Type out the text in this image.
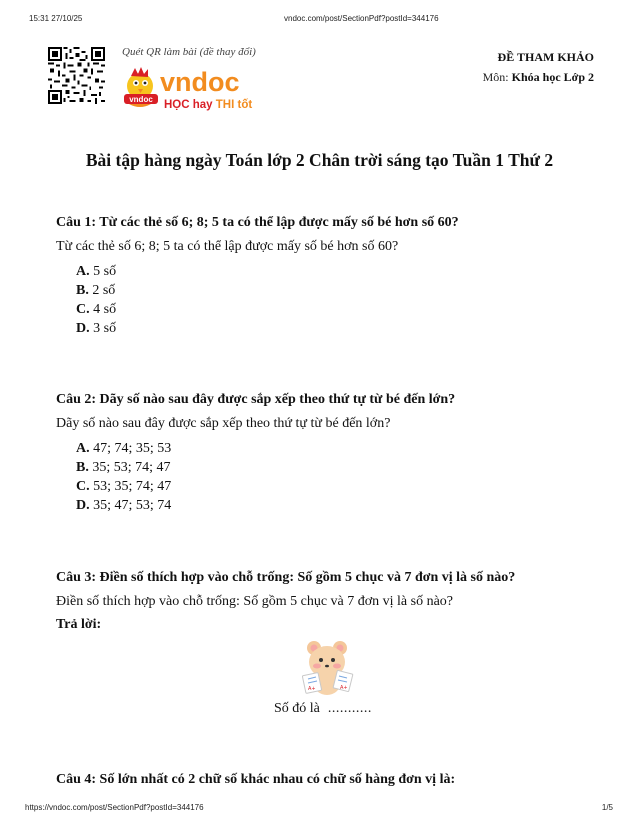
15:31 27/10/25	vndoc.com/post/SectionPdf?postId=344176
Quét QR làm bài (đề thay đổi)
vndoc
vndoc
HỌC hay THI tốt
ĐỀ THAM KHẢO
Môn: Khóa học Lớp 2
Bài tập hàng ngày Toán lớp 2 Chân trời sáng tạo Tuần 1 Thứ 2
Câu 1: Từ các thẻ số 6; 8; 5 ta có thể lập được mấy số bé hơn số 60?
Từ các thẻ số 6; 8; 5 ta có thể lập được mấy số bé hơn số 60?
A. 5 số
B. 2 số
C. 4 số
D. 3 số
Câu 2: Dãy số nào sau đây được sắp xếp theo thứ tự từ bé đến lớn?
Dãy số nào sau đây được sắp xếp theo thứ tự từ bé đến lớn?
A. 47; 74; 35; 53
B. 35; 53; 74; 47
C. 53; 35; 74; 47
D. 35; 47; 53; 74
Câu 3: Điền số thích hợp vào chỗ trống: Số gồm 5 chục và 7 đơn vị là số nào?
Điền số thích hợp vào chỗ trống: Số gồm 5 chục và 7 đơn vị là số nào?
Trả lời:
A+	A+
Số đó là ...........
Câu 4: Số lớn nhất có 2 chữ số khác nhau có chữ số hàng đơn vị là:
https://vndoc.com/post/SectionPdf?postId=344176	1/5
